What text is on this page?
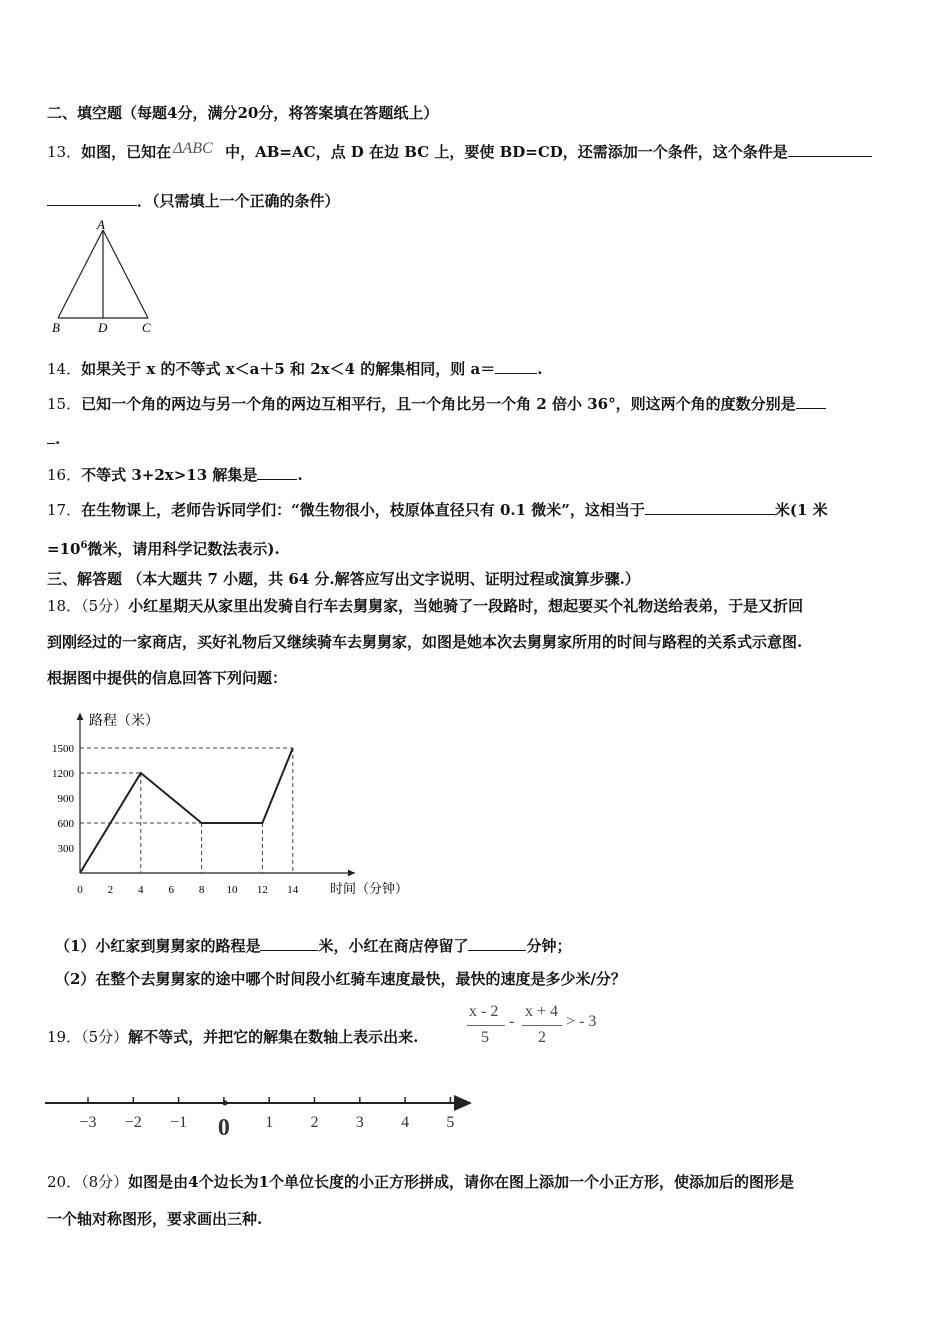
二、填空题（每题4分，满分20分，将答案填在答题纸上）
13．如图，已知在 ΔABC 中，AB=AC，点 D 在边 BC 上，要使 BD=CD，还需添加一个条件，这个条件是
．（只需填上一个正确的条件）
A
B	D	C
14．如果关于 x 的不等式 x＜a＋5 和 2x＜4 的解集相同，则 a＝	.
15．已知一个角的两边与另一个角的两边互相平行，且一个角比另一个角 2 倍小 36°，则这两个角的度数分别是
.
16．不等式 3+2x>13 解集是	.
17．在生物课上，老师告诉同学们：“微生物很小，枝原体直径只有 0.1 微米”，这相当于	米(1 米
$=10^6$微米，请用科学记数法表示).
三、解答题 （本大题共 7 小题，共 64 分.解答应写出文字说明、证明过程或演算步骤.）
18．（5分）小红星期天从家里出发骑自行车去舅舅家，当她骑了一段路时，想起要买个礼物送给表弟，于是又折回
到刚经过的一家商店，买好礼物后又继续骑车去舅舅家，如图是她本次去舅舅家所用的时间与路程的关系式示意图.
根据图中提供的信息回答下列问题：
路程（米）
时间（分钟）
0 2 4 6 8 10 12 14
300
600
900
1200
1500
（1）小红家到舅舅家的路程是	米，小红在商店停留了	分钟；
（2）在整个去舅舅家的途中哪个时间段小红骑车速度最快，最快的速度是多少米/分？
19．（5分）解不等式，并把它的解集在数轴上表示出来.
x - 2
5
-
x + 4
2
> - 3
−3 −2 −1 0 1 2 3 4 5
20．（8分）如图是由4个边长为1个单位长度的小正方形拼成，请你在图上添加一个小正方形，使添加后的图形是
一个轴对称图形，要求画出三种.
